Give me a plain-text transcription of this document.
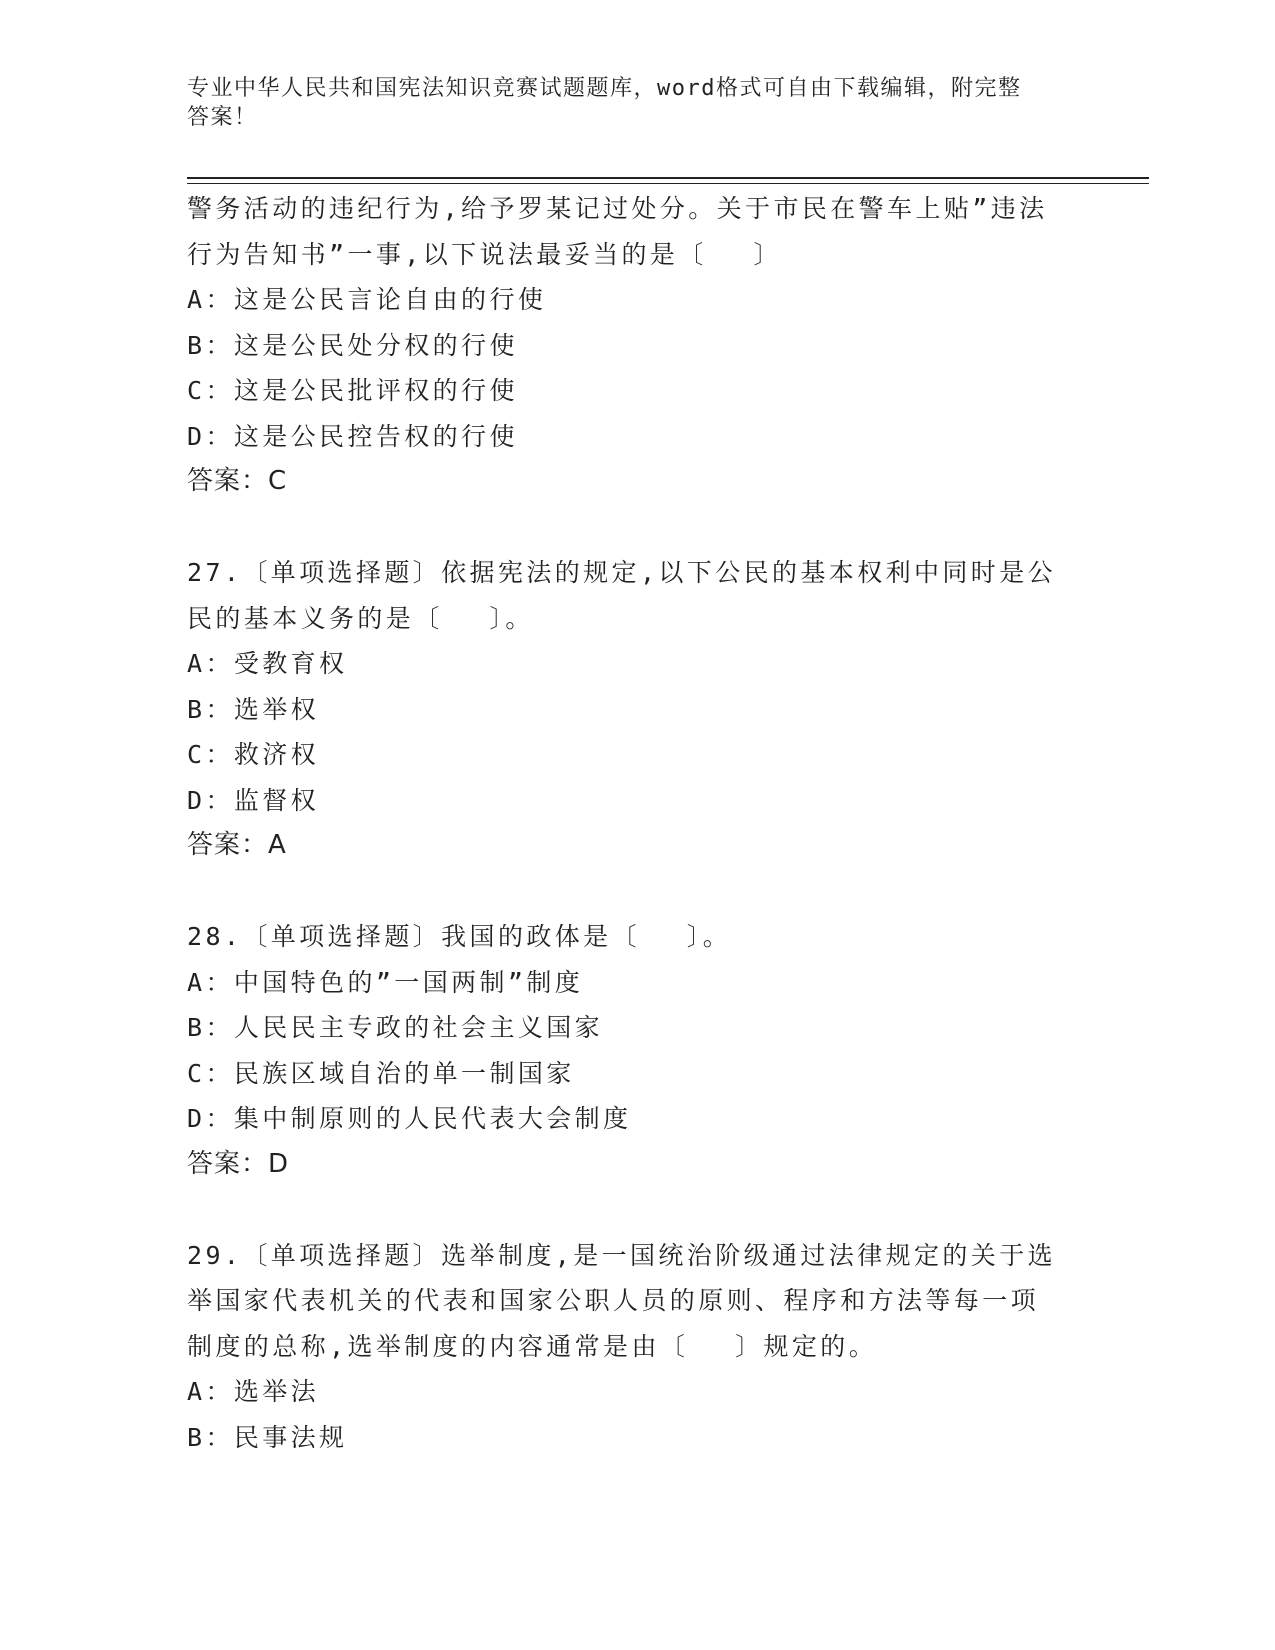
专业中华人民共和国宪法知识竞赛试题题库，word格式可自由下载编辑，附完整
答案！
警务活动的违纪行为,给予罗某记过处分。关于市民在警车上贴”违法
行为告知书”一事,以下说法最妥当的是〔　 〕
A：这是公民言论自由的行使
B：这是公民处分权的行使
C：这是公民批评权的行使
D：这是公民控告权的行使
答案：C
27.〔单项选择题〕依据宪法的规定,以下公民的基本权利中同时是公
民的基本义务的是〔　 〕。
A：受教育权
B：选举权
C：救济权
D：监督权
答案：A
28.〔单项选择题〕我国的政体是〔　 〕。
A：中国特色的”一国两制”制度
B：人民民主专政的社会主义国家
C：民族区域自治的单一制国家
D：集中制原则的人民代表大会制度
答案：D
29.〔单项选择题〕选举制度,是一国统治阶级通过法律规定的关于选
举国家代表机关的代表和国家公职人员的原则、程序和方法等每一项
制度的总称,选举制度的内容通常是由〔　 〕规定的。
A：选举法
B：民事法规
